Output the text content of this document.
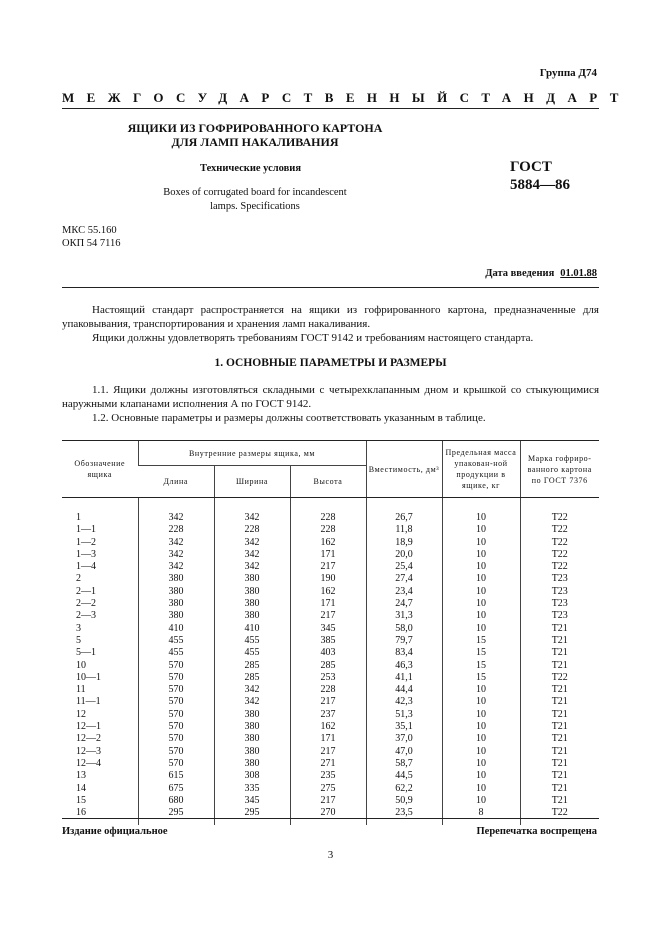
Группа Д74
МЕЖГОСУДАРСТВЕННЫЙ СТАНДАРТ
ЯЩИКИ ИЗ ГОФРИРОВАННОГО КАРТОНА
ДЛЯ ЛАМП НАКАЛИВАНИЯ
Технические условия
Boxes of corrugated board for incandescent
lamps. Specifications
ГОСТ
5884—86
МКС 55.160
ОКП 54 7116
Дата введения 01.01.88
Настоящий стандарт распространяется на ящики из гофрированного картона, предназначенные для упаковывания, транспортирования и хранения ламп накаливания.
Ящики должны удовлетворять требованиям ГОСТ 9142 и требованиям настоящего стандарта.
1. ОСНОВНЫЕ ПАРАМЕТРЫ И РАЗМЕРЫ
1.1. Ящики должны изготовляться складными с четырехклапанным дном и крышкой со стыкующимися наружными клапанами исполнения А по ГОСТ 9142.
1.2. Основные параметры и размеры должны соответствовать указанным в таблице.
Обозначение ящика	Внутренние размеры ящика, мм			Вместимость, дм³	Предельная масса упакован-ной продукции в ящике, кг	Марка гофриро-ванного картона по ГОСТ 7376
	Длина	Ширина	Высота			
1	342	342	228	26,7	10	Т22
1—1	228	228	228	11,8	10	Т22
1—2	342	342	162	18,9	10	Т22
1—3	342	342	171	20,0	10	Т22
1—4	342	342	217	25,4	10	Т22
2	380	380	190	27,4	10	Т23
2—1	380	380	162	23,4	10	Т23
2—2	380	380	171	24,7	10	Т23
2—3	380	380	217	31,3	10	Т23
3	410	410	345	58,0	10	Т21
5	455	455	385	79,7	15	Т21
5—1	455	455	403	83,4	15	Т21
10	570	285	285	46,3	15	Т21
10—1	570	285	253	41,1	15	Т22
11	570	342	228	44,4	10	Т21
11—1	570	342	217	42,3	10	Т21
12	570	380	237	51,3	10	Т21
12—1	570	380	162	35,1	10	Т21
12—2	570	380	171	37,0	10	Т21
12—3	570	380	217	47,0	10	Т21
12—4	570	380	271	58,7	10	Т21
13	615	308	235	44,5	10	Т21
14	675	335	275	62,2	10	Т21
15	680	345	217	50,9	10	Т21
16	295	295	270	23,5	8	Т22
Издание официальное	Перепечатка воспрещена
3
